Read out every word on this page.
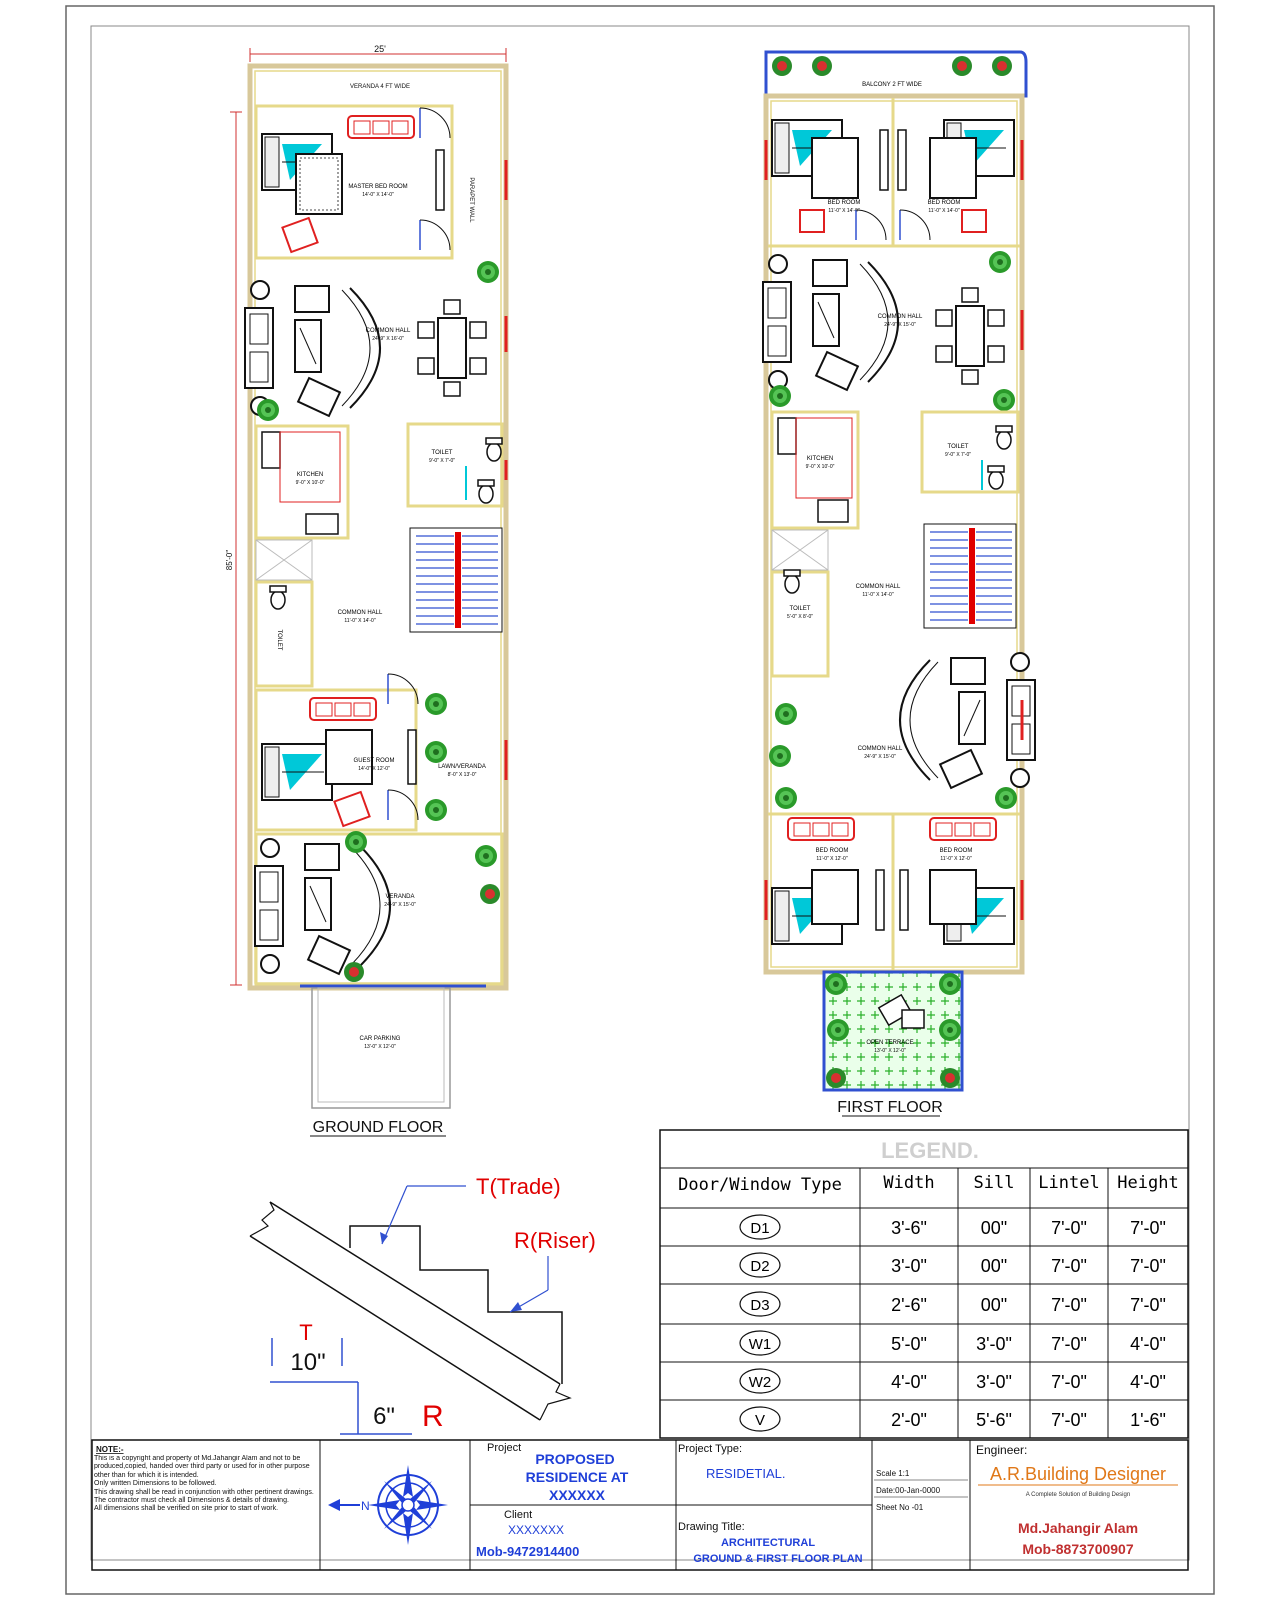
25'
85'-0"
VERANDA 4 FT WIDE
MASTER BED ROOM
14'-0" X 14'-0"	PARAPET WALL
COMMON HALL
24'-9" X 16'-0"
KITCHEN
9'-0" X 10'-0"
TOILET
9'-0" X 7'-0"
TOILET
COMMON HALL
11'-0" X 14'-0"
GUEST ROOM
14'-0" X 12'-0"	LAWN/VERANDA
8'-0" X 13'-0"
VERANDA
24'-9" X 15'-0"
CAR PARKING
13'-0" X 12'-0"
GROUND FLOOR
BALCONY 2 FT WIDE
BED ROOM
11'-0" X 14'-0"
BED ROOM
11'-0" X 14'-0"
COMMON HALL
24'-9" X 15'-0"
KITCHEN
9'-0" X 10'-0"
TOILET
9'-0" X 7'-0"
TOILET
5'-0" X 8'-0"
COMMON HALL
11'-0" X 14'-0"
COMMON HALL
24'-9" X 15'-0"
BED ROOM
11'-0" X 12'-0"
BED ROOM
11'-0" X 12'-0"
OPEN TERRACE
13'-0" X 12'-0"
FIRST FLOOR
T(Trade)
R(Riser)
T
10"
6" R
LEGEND.
Door/Window Type Width Sill Lintel Height
D1	3'-6"	00" 7'-0" 7'-0"
D2	3'-0"	00" 7'-0" 7'-0"
D3	2'-6"	00" 7'-0" 7'-0"
W1	5'-0"	3'-0" 7'-0" 4'-0"
W2	4'-0"	3'-0" 7'-0" 4'-0"
V	2'-0"	5'-6" 7'-0" 1'-6"
NOTE:-
This is a copyright and property of Md.Jahangir Alam and not to be produced,copied, handed over third party or used for in other purpose other than for which it is intended.
Only written Dimensions to be followed.
This drawing shall be read in conjunction with other pertinent drawings.
The contractor must check all Dimensions & details of drawing.
All dimensions shall be verified on site prior to start of work.	N
Project
PROPOSED
RESIDENCE AT
XXXXXX
Client
XXXXXXX
Mob-9472914400
Project Type:
RESIDETIAL.
Drawing Title:
ARCHITECTURAL
GROUND & FIRST FLOOR PLAN
Scale 1:1
Date:00-Jan-0000
Sheet No -01
Engineer:
A.R.Building Designer
A Complete Solution of Building Design
Md.Jahangir Alam
Mob-8873700907
